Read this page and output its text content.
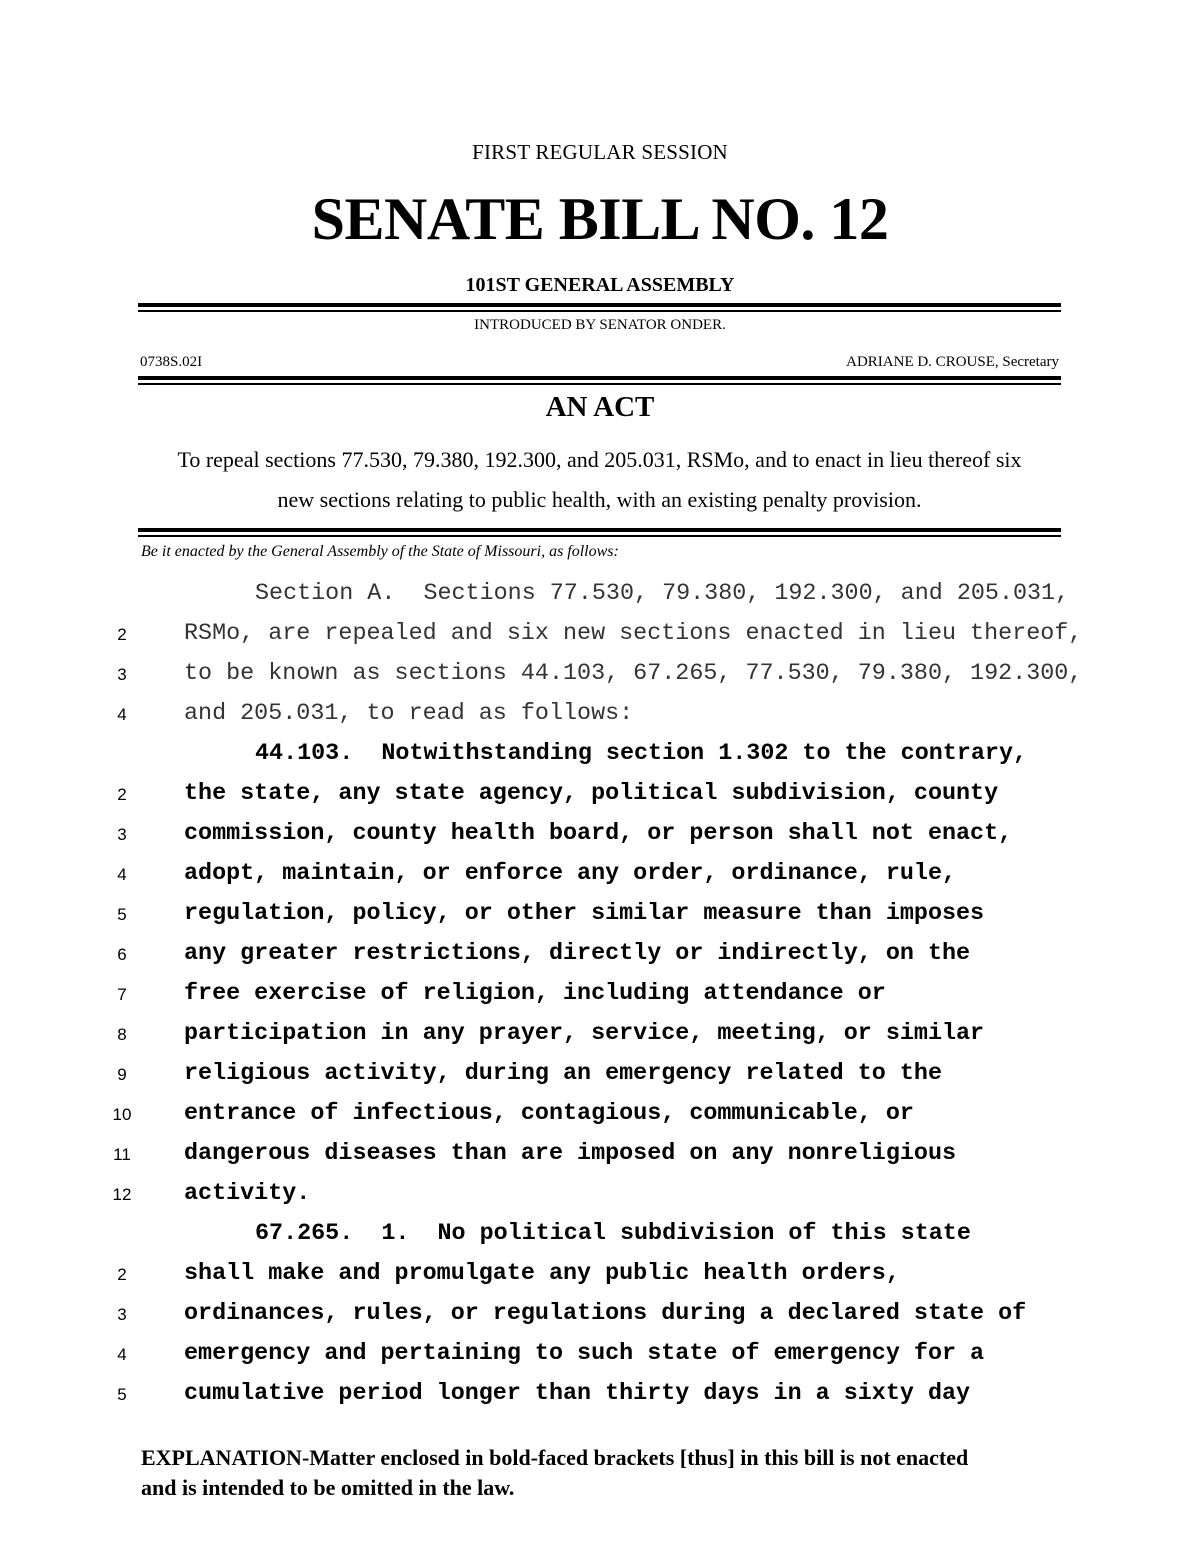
FIRST REGULAR SESSION
SENATE BILL NO. 12
101ST GENERAL ASSEMBLY
INTRODUCED BY SENATOR ONDER.
0738S.02I	ADRIANE D. CROUSE, Secretary
AN ACT
To repeal sections 77.530, 79.380, 192.300, and 205.031, RSMo, and to enact in lieu thereof six
new sections relating to public health, with an existing penalty provision.
Be it enacted by the General Assembly of the State of Missouri, as follows:
Section A.  Sections 77.530, 79.380, 192.300, and 205.031,
2	RSMo, are repealed and six new sections enacted in lieu thereof,
3	to be known as sections 44.103, 67.265, 77.530, 79.380, 192.300,
4	and 205.031, to read as follows:
44.103.  Notwithstanding section 1.302 to the contrary,
2	the state, any state agency, political subdivision, county
3	commission, county health board, or person shall not enact,
4	adopt, maintain, or enforce any order, ordinance, rule,
5	regulation, policy, or other similar measure than imposes
6	any greater restrictions, directly or indirectly, on the
7	free exercise of religion, including attendance or
8	participation in any prayer, service, meeting, or similar
9	religious activity, during an emergency related to the
10	entrance of infectious, contagious, communicable, or
11	dangerous diseases than are imposed on any nonreligious
12	activity.
67.265.  1.  No political subdivision of this state
2	shall make and promulgate any public health orders,
3	ordinances, rules, or regulations during a declared state of
4	emergency and pertaining to such state of emergency for a
5	cumulative period longer than thirty days in a sixty day
EXPLANATION-Matter enclosed in bold-faced brackets [thus] in this bill is not enacted
and is intended to be omitted in the law.
